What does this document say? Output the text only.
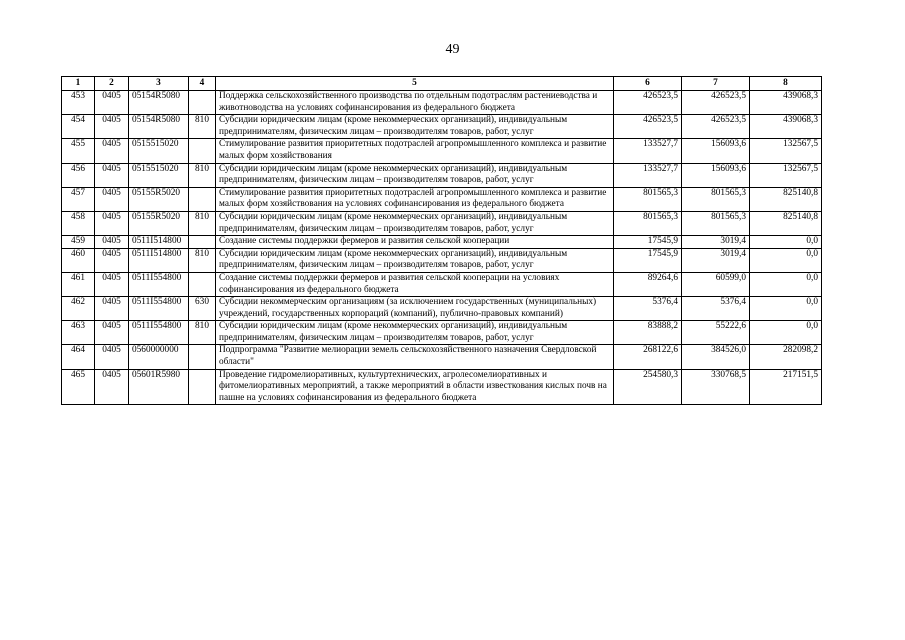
49
1	2	3	4	5	6	7	8
453	0405	05154R5080		Поддержка сельскохозяйственного производства по отдельным подотраслям растениеводства и животноводства на условиях софинансирования из федерального бюджета	426523,5	426523,5	439068,3
454	0405	05154R5080	810	Субсидии юридическим лицам (кроме некоммерческих организаций), индивидуальным предпринимателям, физическим лицам – производителям товаров, работ, услуг	426523,5	426523,5	439068,3
455	0405	0515515020		Стимулирование развития приоритетных подотраслей агропромышленного комплекса и развитие малых форм хозяйствования	133527,7	156093,6	132567,5
456	0405	0515515020	810	Субсидии юридическим лицам (кроме некоммерческих организаций), индивидуальным предпринимателям, физическим лицам – производителям товаров, работ, услуг	133527,7	156093,6	132567,5
457	0405	05155R5020		Стимулирование развития приоритетных подотраслей агропромышленного комплекса и развитие малых форм хозяйствования на условиях софинансирования из федерального бюджета	801565,3	801565,3	825140,8
458	0405	05155R5020	810	Субсидии юридическим лицам (кроме некоммерческих организаций), индивидуальным предпринимателям, физическим лицам – производителям товаров, работ, услуг	801565,3	801565,3	825140,8
459	0405	0511I514800		Создание системы поддержки фермеров и развития сельской кооперации	17545,9	3019,4	0,0
460	0405	0511I514800	810	Субсидии юридическим лицам (кроме некоммерческих организаций), индивидуальным предпринимателям, физическим лицам – производителям товаров, работ, услуг	17545,9	3019,4	0,0
461	0405	0511I554800		Создание системы поддержки фермеров и развития сельской кооперации на условиях софинансирования из федерального бюджета	89264,6	60599,0	0,0
462	0405	0511I554800	630	Субсидии некоммерческим организациям (за исключением государственных (муниципальных) учреждений, государственных корпораций (компаний), публично-правовых компаний)	5376,4	5376,4	0,0
463	0405	0511I554800	810	Субсидии юридическим лицам (кроме некоммерческих организаций), индивидуальным предпринимателям, физическим лицам – производителям товаров, работ, услуг	83888,2	55222,6	0,0
464	0405	0560000000		Подпрограмма "Развитие мелиорации земель сельскохозяйственного назначения Свердловской области"	268122,6	384526,0	282098,2
465	0405	05601R5980		Проведение гидромелиоративных, культуртехнических, агролесомелиоративных и фитомелиоративных мероприятий, а также мероприятий в области известкования кислых почв на пашне на условиях софинансирования из федерального бюджета	254580,3	330768,5	217151,5
